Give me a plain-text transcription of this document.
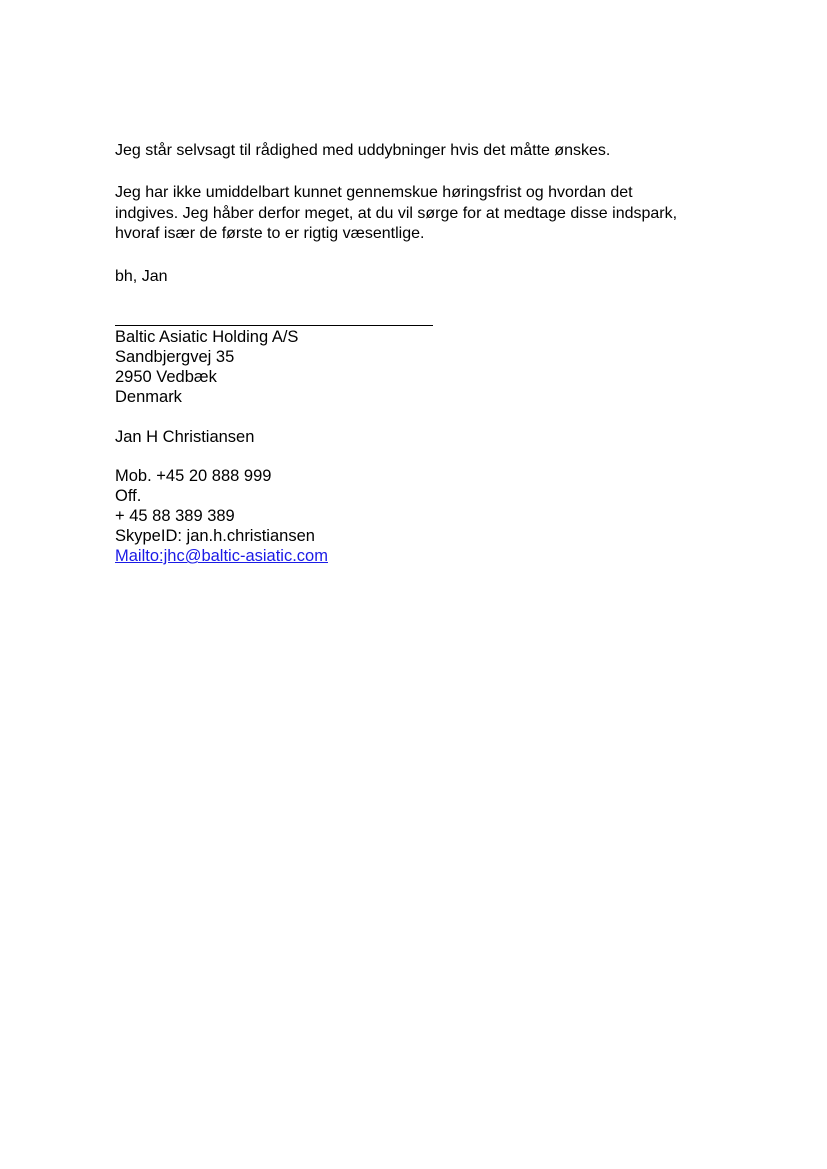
Jeg står selvsagt til rådighed med uddybninger hvis det måtte ønskes.

Jeg har ikke umiddelbart kunnet gennemskue høringsfrist og hvordan det
indgives. Jeg håber derfor meget, at du vil sørge for at medtage disse indspark,
hvoraf især de første to er rigtig væsentlige.

bh, Jan

Baltic Asiatic Holding A/S
Sandbjergvej 35
2950 Vedbæk
Denmark
Jan H Christiansen
Mob. +45 20 888 999
Off.
+ 45 88 389 389
SkypeID: jan.h.christiansen
Mailto:jhc@baltic-asiatic.com
